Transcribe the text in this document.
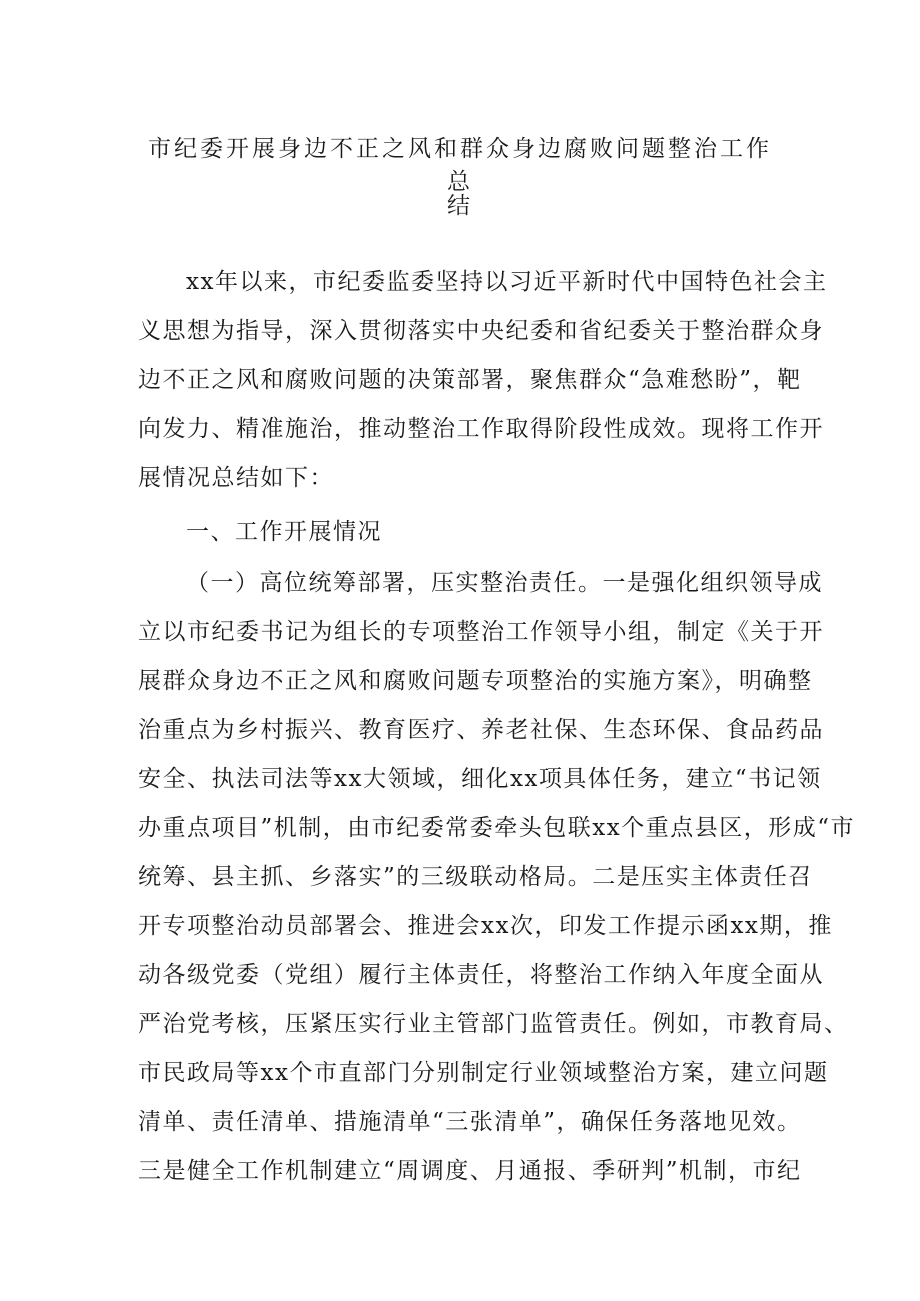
市纪委开展身边不正之风和群众身边腐败问题整治工作总
结
xx年以来，市纪委监委坚持以习近平新时代中国特色社会主
义思想为指导，深入贯彻落实中央纪委和省纪委关于整治群众身
边不正之风和腐败问题的决策部署，聚焦群众“急难愁盼”，靶
向发力、精准施治，推动整治工作取得阶段性成效。现将工作开
展情况总结如下：
一、工作开展情况
（一）高位统筹部署，压实整治责任。一是强化组织领导成
立以市纪委书记为组长的专项整治工作领导小组，制定《关于开
展群众身边不正之风和腐败问题专项整治的实施方案》，明确整
治重点为乡村振兴、教育医疗、养老社保、生态环保、食品药品
安全、执法司法等xx大领域，细化xx项具体任务，建立“书记领
办重点项目”机制，由市纪委常委牵头包联xx个重点县区，形成“市
统筹、县主抓、乡落实”的三级联动格局。二是压实主体责任召
开专项整治动员部署会、推进会xx次，印发工作提示函xx期，推
动各级党委（党组）履行主体责任，将整治工作纳入年度全面从
严治党考核，压紧压实行业主管部门监管责任。例如，市教育局、
市民政局等xx个市直部门分别制定行业领域整治方案，建立问题
清单、责任清单、措施清单“三张清单”，确保任务落地见效。
三是健全工作机制建立“周调度、月通报、季研判”机制，市纪
